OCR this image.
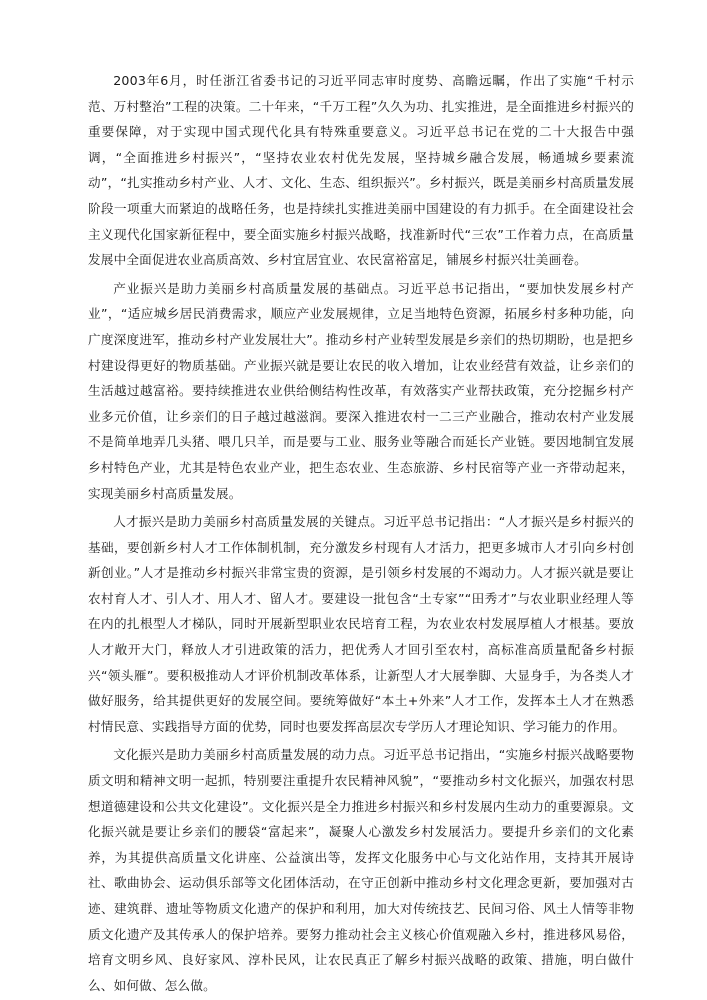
2003年6月，时任浙江省委书记的习近平同志审时度势、高瞻远瞩，作出了实施“千村示范、万村整治”工程的决策。二十年来，“千万工程”久久为功、扎实推进，是全面推进乡村振兴的重要保障，对于实现中国式现代化具有特殊重要意义。习近平总书记在党的二十大报告中强调，“全面推进乡村振兴”，“坚持农业农村优先发展，坚持城乡融合发展，畅通城乡要素流动”，“扎实推动乡村产业、人才、文化、生态、组织振兴”。乡村振兴，既是美丽乡村高质量发展阶段一项重大而紧迫的战略任务，也是持续扎实推进美丽中国建设的有力抓手。在全面建设社会主义现代化国家新征程中，要全面实施乡村振兴战略，找准新时代“三农”工作着力点，在高质量发展中全面促进农业高质高效、乡村宜居宜业、农民富裕富足，铺展乡村振兴壮美画卷。

产业振兴是助力美丽乡村高质量发展的基础点。习近平总书记指出，“要加快发展乡村产业”，“适应城乡居民消费需求，顺应产业发展规律，立足当地特色资源，拓展乡村多种功能，向广度深度进军，推动乡村产业发展壮大”。推动乡村产业转型发展是乡亲们的热切期盼，也是把乡村建设得更好的物质基础。产业振兴就是要让农民的收入增加，让农业经营有效益，让乡亲们的生活越过越富裕。要持续推进农业供给侧结构性改革，有效落实产业帮扶政策，充分挖掘乡村产业多元价值，让乡亲们的日子越过越滋润。要深入推进农村一二三产业融合，推动农村产业发展不是简单地弄几头猪、喂几只羊，而是要与工业、服务业等融合而延长产业链。要因地制宜发展乡村特色产业，尤其是特色农业产业，把生态农业、生态旅游、乡村民宿等产业一齐带动起来，实现美丽乡村高质量发展。

人才振兴是助力美丽乡村高质量发展的关键点。习近平总书记指出：“人才振兴是乡村振兴的基础，要创新乡村人才工作体制机制，充分激发乡村现有人才活力，把更多城市人才引向乡村创新创业。”人才是推动乡村振兴非常宝贵的资源，是引领乡村发展的不竭动力。人才振兴就是要让农村育人才、引人才、用人才、留人才。要建设一批包含“土专家”“田秀才”与农业职业经理人等在内的扎根型人才梯队，同时开展新型职业农民培育工程，为农业农村发展厚植人才根基。要放人才敞开大门，释放人才引进政策的活力，把优秀人才回引至农村，高标准高质量配备乡村振兴“领头雁”。要积极推动人才评价机制改革体系，让新型人才大展拳脚、大显身手，为各类人才做好服务，给其提供更好的发展空间。要统筹做好“本土+外来”人才工作，发挥本土人才在熟悉村情民意、实践指导方面的优势，同时也要发挥高层次专学历人才理论知识、学习能力的作用。

文化振兴是助力美丽乡村高质量发展的动力点。习近平总书记指出，“实施乡村振兴战略要物质文明和精神文明一起抓，特别要注重提升农民精神风貌”，“要推动乡村文化振兴，加强农村思想道德建设和公共文化建设”。文化振兴是全力推进乡村振兴和乡村发展内生动力的重要源泉。文化振兴就是要让乡亲们的腰袋“富起来”，凝聚人心激发乡村发展活力。要提升乡亲们的文化素养，为其提供高质量文化讲座、公益演出等，发挥文化服务中心与文化站作用，支持其开展诗社、歌曲协会、运动俱乐部等文化团体活动，在守正创新中推动乡村文化理念更新，要加强对古迹、建筑群、遗址等物质文化遗产的保护和利用，加大对传统技艺、民间习俗、风土人情等非物质文化遗产及其传承人的保护培养。要努力推动社会主义核心价值观融入乡村，推进移风易俗，培育文明乡风、良好家风、淳朴民风，让农民真正了解乡村振兴战略的政策、措施，明白做什么、如何做、怎么做。
